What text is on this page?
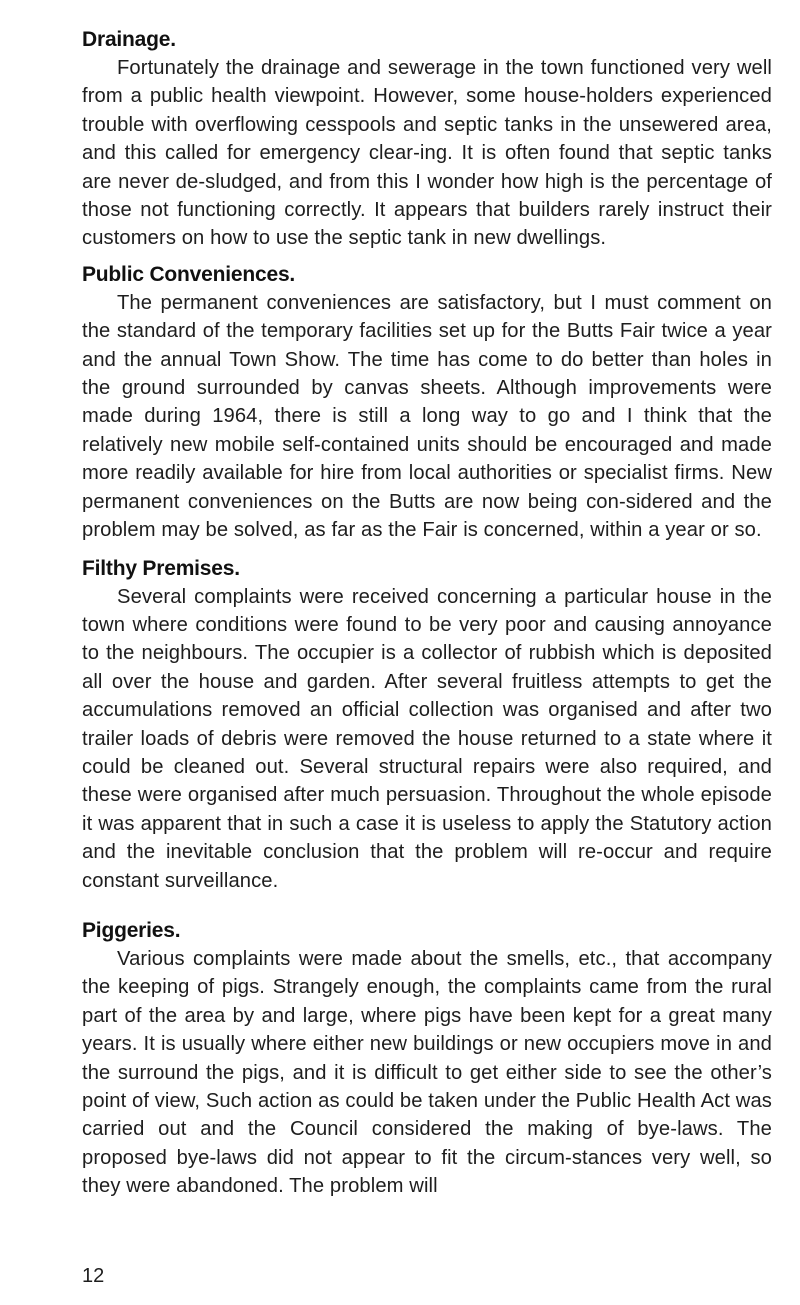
Drainage.

Fortunately the drainage and sewerage in the town functioned very well from a public health viewpoint. However, some house-holders experienced trouble with overflowing cesspools and septic tanks in the unsewered area, and this called for emergency clear-ing. It is often found that septic tanks are never de-sludged, and from this I wonder how high is the percentage of those not functioning correctly. It appears that builders rarely instruct their customers on how to use the septic tank in new dwellings.

Public Conveniences.

The permanent conveniences are satisfactory, but I must comment on the standard of the temporary facilities set up for the Butts Fair twice a year and the annual Town Show. The time has come to do better than holes in the ground surrounded by canvas sheets. Although improvements were made during 1964, there is still a long way to go and I think that the relatively new mobile self-contained units should be encouraged and made more readily available for hire from local authorities or specialist firms. New permanent conveniences on the Butts are now being con-sidered and the problem may be solved, as far as the Fair is concerned, within a year or so.

Filthy Premises.

Several complaints were received concerning a particular house in the town where conditions were found to be very poor and causing annoyance to the neighbours. The occupier is a collector of rubbish which is deposited all over the house and garden. After several fruitless attempts to get the accumulations removed an official collection was organised and after two trailer loads of debris were removed the house returned to a state where it could be cleaned out. Several structural repairs were also required, and these were organised after much persuasion. Throughout the whole episode it was apparent that in such a case it is useless to apply the Statutory action and the inevitable conclusion that the problem will re-occur and require constant surveillance.

Piggeries.

Various complaints were made about the smells, etc., that accompany the keeping of pigs. Strangely enough, the complaints came from the rural part of the area by and large, where pigs have been kept for a great many years. It is usually where either new buildings or new occupiers move in and the surround the pigs, and it is difficult to get either side to see the other’s point of view, Such action as could be taken under the Public Health Act was carried out and the Council considered the making of bye-laws. The proposed bye-laws did not appear to fit the circum-stances very well, so they were abandoned. The problem will

12
